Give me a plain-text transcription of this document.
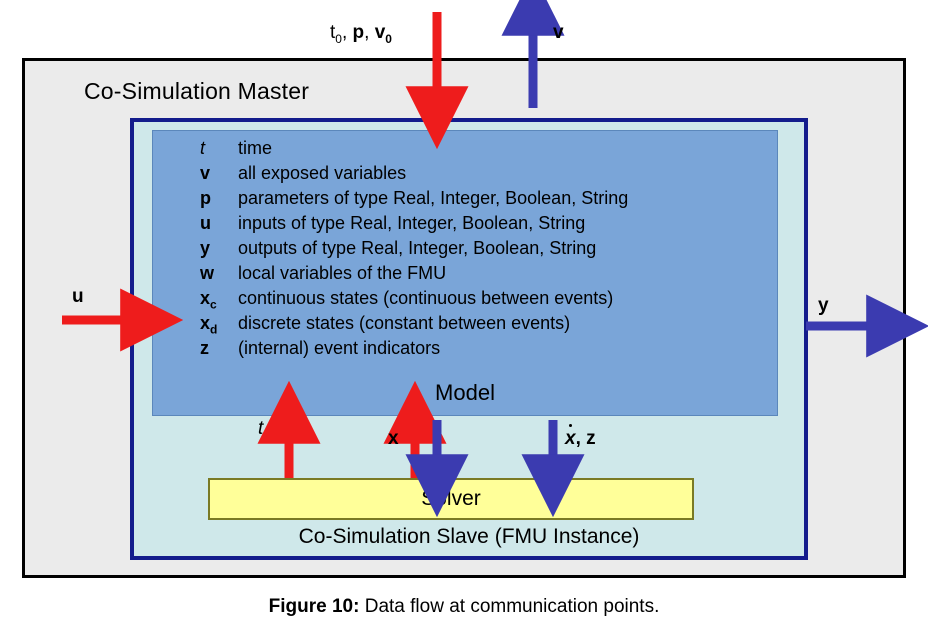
Co-Simulation Master
t	time
v	all exposed variables
p	parameters of type Real, Integer, Boolean, String
u	inputs of type Real, Integer, Boolean, String
y	outputs of type Real, Integer, Boolean, String
w	local variables of the FMU
$x_c$	continuous states (continuous between events)
$x_d$	discrete states (constant between events)
z	(internal) event indicators
Model
Solver
Co-Simulation Slave (FMU Instance)
$t_0$, p, $v_0$	v
u	y
t	x	x, z
Figure 10: Data flow at communication points.
